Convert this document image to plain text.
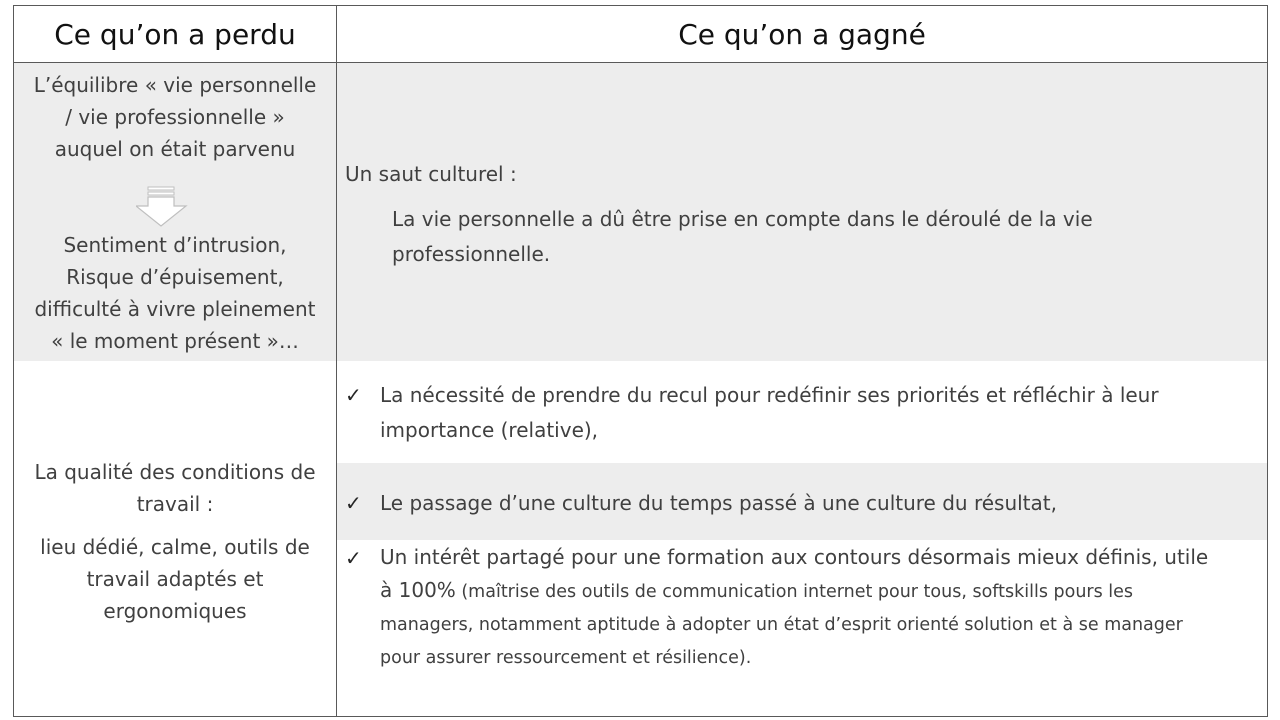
Ce qu’on a perdu	Ce qu’on a gagné
L’équilibre « vie personnelle
/ vie professionnelle »
auquel on était parvenu
Sentiment d’intrusion,
Risque d’épuisement,
difficulté à vivre pleinement
« le moment présent »…
Un saut culturel :
La vie personnelle a dû être prise en compte dans le déroulé de la vie
professionnelle.
La qualité des conditions de
travail :
lieu dédié, calme, outils de
travail adaptés et
ergonomiques
✓ La nécessité de prendre du recul pour redéfinir ses priorités et réfléchir à leur
importance (relative),
✓ Le passage d’une culture du temps passé à une culture du résultat,
✓ Un intérêt partagé pour une formation aux contours désormais mieux définis, utile
à 100% (maîtrise des outils de communication internet pour tous, softskills pours les
managers, notamment aptitude à adopter un état d’esprit orienté solution et à se manager
pour assurer ressourcement et résilience).
